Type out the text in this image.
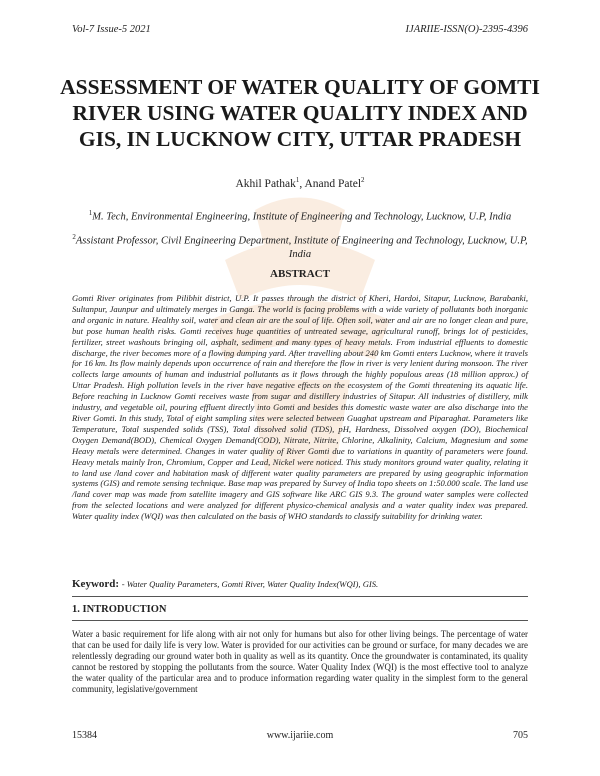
Vol-7 Issue-5 2021	IJARIIE-ISSN(O)-2395-4396
ASSESSMENT OF WATER QUALITY OF GOMTI RIVER USING WATER QUALITY INDEX AND GIS, IN LUCKNOW CITY, UTTAR PRADESH
Akhil Pathak$^1$, Anand Patel$^2$
$^1$M. Tech, Environmental Engineering, Institute of Engineering and Technology, Lucknow, U.P, India
$^2$Assistant Professor, Civil Engineering Department, Institute of Engineering and Technology, Lucknow, U.P, India
ABSTRACT

Gomti River originates from Pilibhit district, U.P. It passes through the district of Kheri, Hardoi, Sitapur, Lucknow, Barabanki, Sultanpur, Jaunpur and ultimately merges in Ganga. The world is facing problems with a wide variety of pollutants both inorganic and organic in nature. Healthy soil, water and clean air are the soul of life. Often soil, water and air are no longer clean and pure, but pose human health risks. Gomti receives huge quantities of untreated sewage, agricultural runoff, brings lot of pesticides, fertilizer, street washouts bringing oil, asphalt, sediment and many types of heavy metals. From industrial effluents to domestic discharge, the river becomes more of a flowing dumping yard. After travelling about 240 km Gomti enters Lucknow, where it travels for 16 km. Its flow mainly depends upon occurrence of rain and therefore the flow in river is very lenient during monsoon. The river collects large amounts of human and industrial pollutants as it flows through the highly populous areas (18 million approx.) of Uttar Pradesh. High pollution levels in the river have negative effects on the ecosystem of the Gomti threatening its aquatic life. Before reaching in Lucknow Gomti receives waste from sugar and distillery industries of Sitapur. All industries of distillery, milk industry, and vegetable oil, pouring effluent directly into Gomti and besides this domestic waste water are also discharge into the River Gomti. In this study, Total of eight sampling sites were selected between Guaghat upstream and Piparaghat. Parameters like Temperature, Total suspended solids (TSS), Total dissolved solid (TDS), pH, Hardness, Dissolved oxygen (DO), Biochemical Oxygen Demand(BOD), Chemical Oxygen Demand(COD), Nitrate, Nitrite, Chlorine, Alkalinity, Calcium, Magnesium and some Heavy metals were determined. Changes in water quality of River Gomti due to variations in quantity of parameters were found. Heavy metals mainly Iron, Chromium, Copper and Lead, Nickel were noticed. This study monitors ground water quality, relating it to land use /land cover and habitation mask of different water quality parameters are prepared by using geographic information systems (GIS) and remote sensing technique. Base map was prepared by Survey of India topo sheets on 1:50.000 scale. The land use /land cover map was made from satellite imagery and GIS software like ARC GIS 9.3. The ground water samples were collected from the selected locations and were analyzed for different physico-chemical analysis and a water quality index was prepared. Water quality index (WQI) was then calculated on the basis of WHO standards to classify suitability for drinking water.

Keyword: - Water Quality Parameters, Gomti River, Water Quality Index(WQI), GIS.

1. INTRODUCTION

Water a basic requirement for life along with air not only for humans but also for other living beings. The percentage of water that can be used for daily life is very low. Water is provided for our activities can be ground or surface, for many decades we are relentlessly degrading our ground water both in quality as well as its quantity. Once the groundwater is contaminated, its quality cannot be restored by stopping the pollutants from the source. Water Quality Index (WQI) is the most effective tool to analyze the water quality of the particular area and to produce information regarding water quality in the simplest form to the general community, legislative/government

15384	www.ijariie.com	705
